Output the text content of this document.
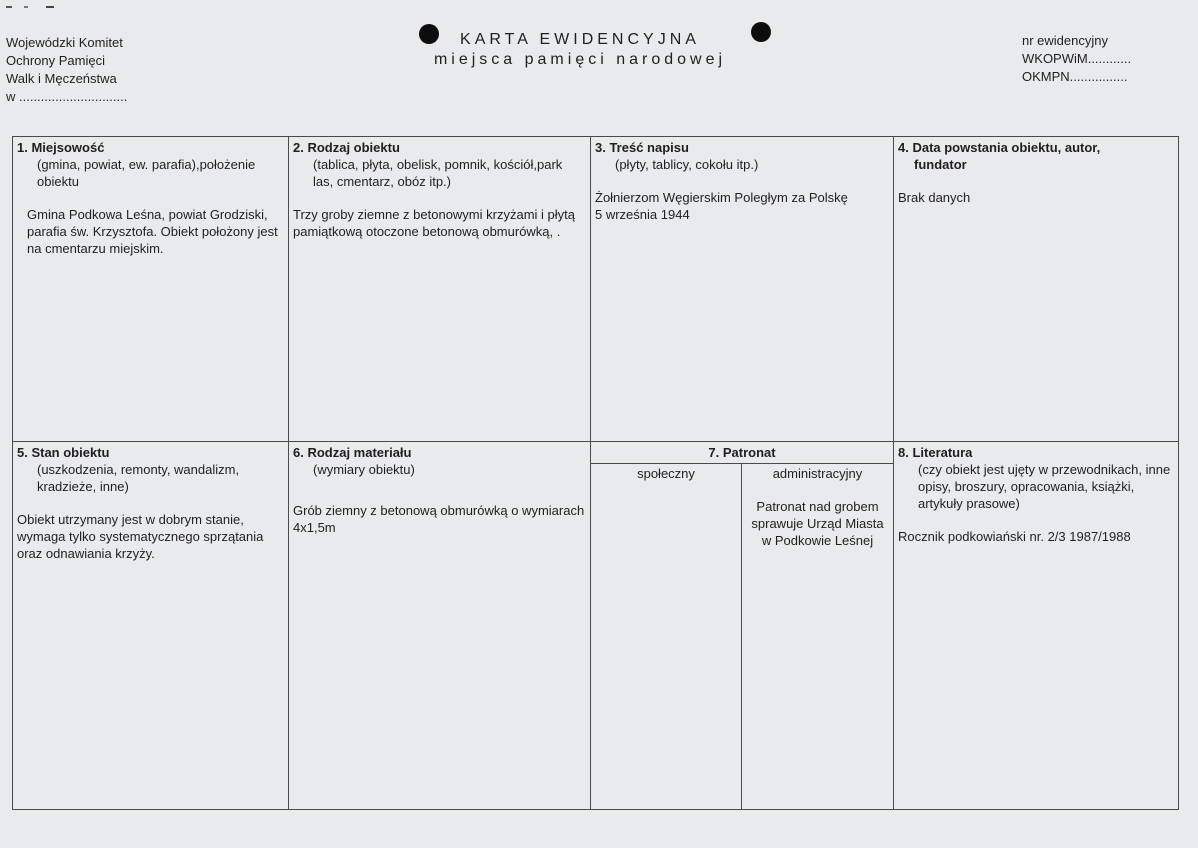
Wojewódzki Komitet
Ochrony Pamięci
Walk i Męczeństwa
w ..............................
KARTA EWIDENCYJNA
miejsca pamięci narodowej
nr ewidencyjny
WKOPWiM............
OKMPN................
1. Miejsowość
(gmina, powiat, ew. parafia),położenie obiektu
Gmina Podkowa Leśna, powiat Grodziski, parafia św. Krzysztofa. Obiekt położony jest na cmentarzu miejskim.
2. Rodzaj obiektu
(tablica, płyta, obelisk, pomnik, kościół,park las, cmentarz, obóz itp.)
Trzy groby ziemne z betonowymi krzyżami i płytą pamiątkową otoczone betonową obmurówką, .
3. Treść napisu
(płyty, tablicy, cokołu itp.)
Żołnierzom Węgierskim Poległym za Polskę
5 września 1944
4. Data powstania obiektu, autor,
fundator
Brak danych
5. Stan obiektu
(uszkodzenia, remonty, wandalizm, kradzieże, inne)
Obiekt utrzymany jest w dobrym stanie, wymaga tylko systematycznego sprzątania oraz odnawiania krzyży.
6. Rodzaj materiału
(wymiary obiektu)
Grób ziemny z betonową obmurówką o wymiarach 4x1,5m
7. Patronat
społeczny	administracyjny
Patronat nad grobem sprawuje Urząd Miasta w Podkowie Leśnej
8. Literatura
(czy obiekt jest ujęty w przewodnikach, inne opisy, broszury, opracowania, książki, artykuły prasowe)
Rocznik podkowiański nr. 2/3 1987/1988
